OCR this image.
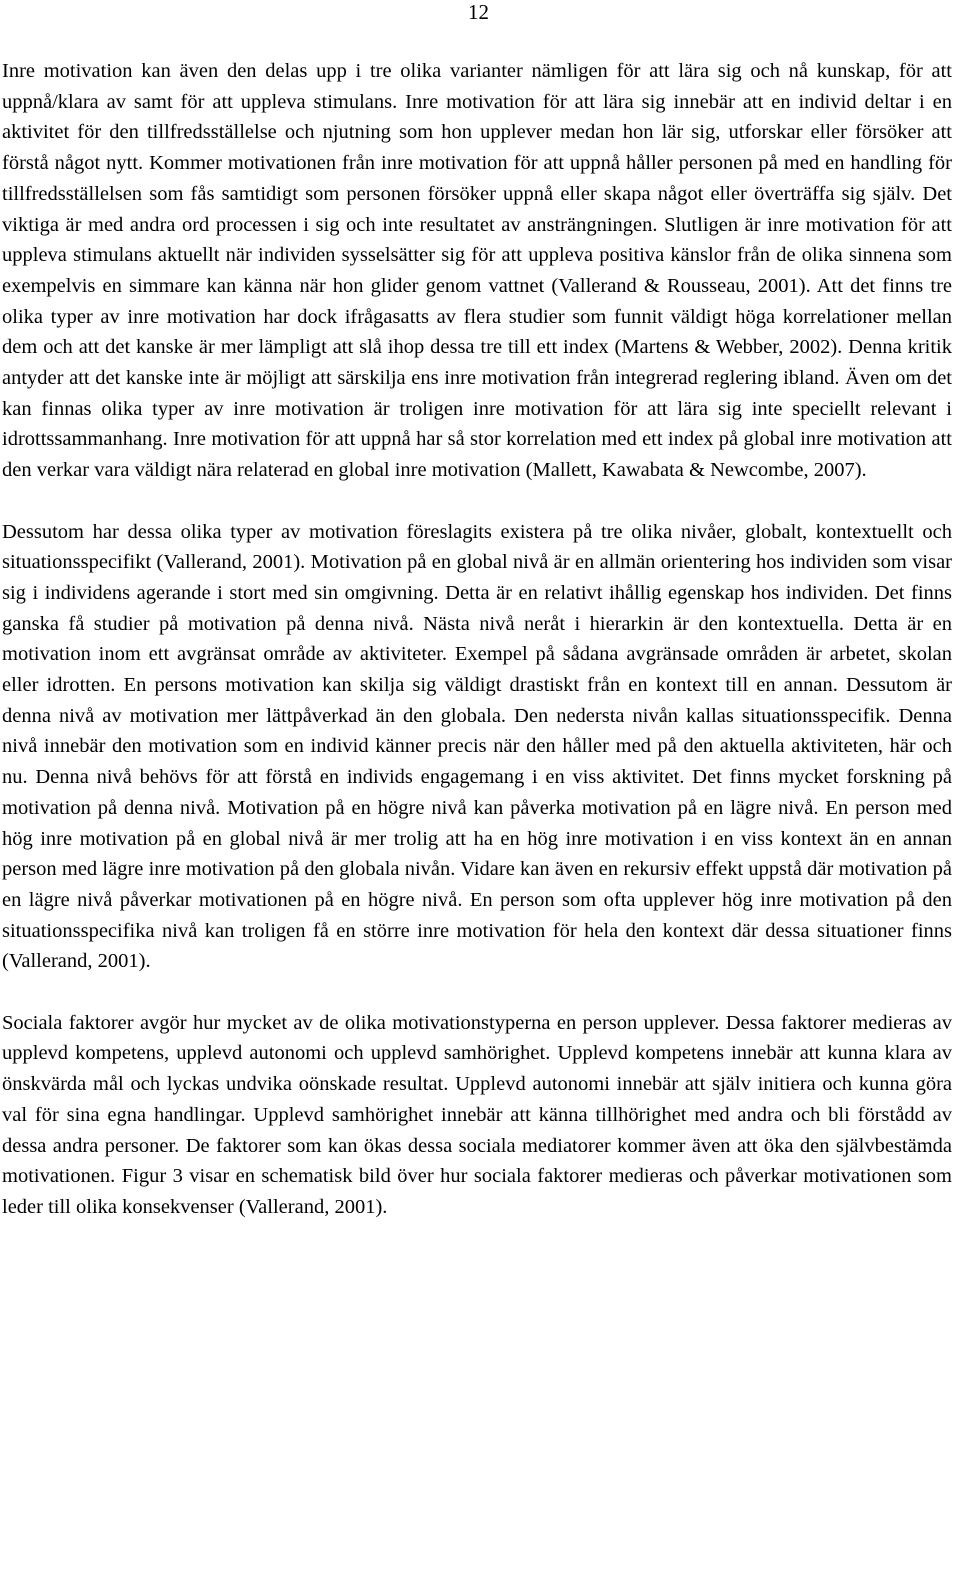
12

Inre motivation kan även den delas upp i tre olika varianter nämligen för att lära sig och nå kunskap, för att uppnå/klara av samt för att uppleva stimulans. Inre motivation för att lära sig innebär att en individ deltar i en aktivitet för den tillfredsställelse och njutning som hon upplever medan hon lär sig, utforskar eller försöker att förstå något nytt. Kommer motivationen från inre motivation för att uppnå håller personen på med en handling för tillfredsställelsen som fås samtidigt som personen försöker uppnå eller skapa något eller överträffa sig själv. Det viktiga är med andra ord processen i sig och inte resultatet av ansträngningen. Slutligen är inre motivation för att uppleva stimulans aktuellt när individen sysselsätter sig för att uppleva positiva känslor från de olika sinnena som exempelvis en simmare kan känna när hon glider genom vattnet (Vallerand & Rousseau, 2001). Att det finns tre olika typer av inre motivation har dock ifrågasatts av flera studier som funnit väldigt höga korrelationer mellan dem och att det kanske är mer lämpligt att slå ihop dessa tre till ett index (Martens & Webber, 2002). Denna kritik antyder att det kanske inte är möjligt att särskilja ens inre motivation från integrerad reglering ibland. Även om det kan finnas olika typer av inre motivation är troligen inre motivation för att lära sig inte speciellt relevant i idrottssammanhang. Inre motivation för att uppnå har så stor korrelation med ett index på global inre motivation att den verkar vara väldigt nära relaterad en global inre motivation (Mallett, Kawabata & Newcombe, 2007).

Dessutom har dessa olika typer av motivation föreslagits existera på tre olika nivåer, globalt, kontextuellt och situationsspecifikt (Vallerand, 2001). Motivation på en global nivå är en allmän orientering hos individen som visar sig i individens agerande i stort med sin omgivning. Detta är en relativt ihållig egenskap hos individen. Det finns ganska få studier på motivation på denna nivå. Nästa nivå neråt i hierarkin är den kontextuella. Detta är en motivation inom ett avgränsat område av aktiviteter. Exempel på sådana avgränsade områden är arbetet, skolan eller idrotten. En persons motivation kan skilja sig väldigt drastiskt från en kontext till en annan. Dessutom är denna nivå av motivation mer lättpåverkad än den globala. Den nedersta nivån kallas situationsspecifik. Denna nivå innebär den motivation som en individ känner precis när den håller med på den aktuella aktiviteten, här och nu. Denna nivå behövs för att förstå en individs engagemang i en viss aktivitet. Det finns mycket forskning på motivation på denna nivå. Motivation på en högre nivå kan påverka motivation på en lägre nivå. En person med hög inre motivation på en global nivå är mer trolig att ha en hög inre motivation i en viss kontext än en annan person med lägre inre motivation på den globala nivån. Vidare kan även en rekursiv effekt uppstå där motivation på en lägre nivå påverkar motivationen på en högre nivå. En person som ofta upplever hög inre motivation på den situationsspecifika nivå kan troligen få en större inre motivation för hela den kontext där dessa situationer finns (Vallerand, 2001).

Sociala faktorer avgör hur mycket av de olika motivationstyperna en person upplever. Dessa faktorer medieras av upplevd kompetens, upplevd autonomi och upplevd samhörighet. Upplevd kompetens innebär att kunna klara av önskvärda mål och lyckas undvika oönskade resultat. Upplevd autonomi innebär att själv initiera och kunna göra val för sina egna handlingar. Upplevd samhörighet innebär att känna tillhörighet med andra och bli förstådd av dessa andra personer. De faktorer som kan ökas dessa sociala mediatorer kommer även att öka den självbestämda motivationen. Figur 3 visar en schematisk bild över hur sociala faktorer medieras och påverkar motivationen som leder till olika konsekvenser (Vallerand, 2001).
